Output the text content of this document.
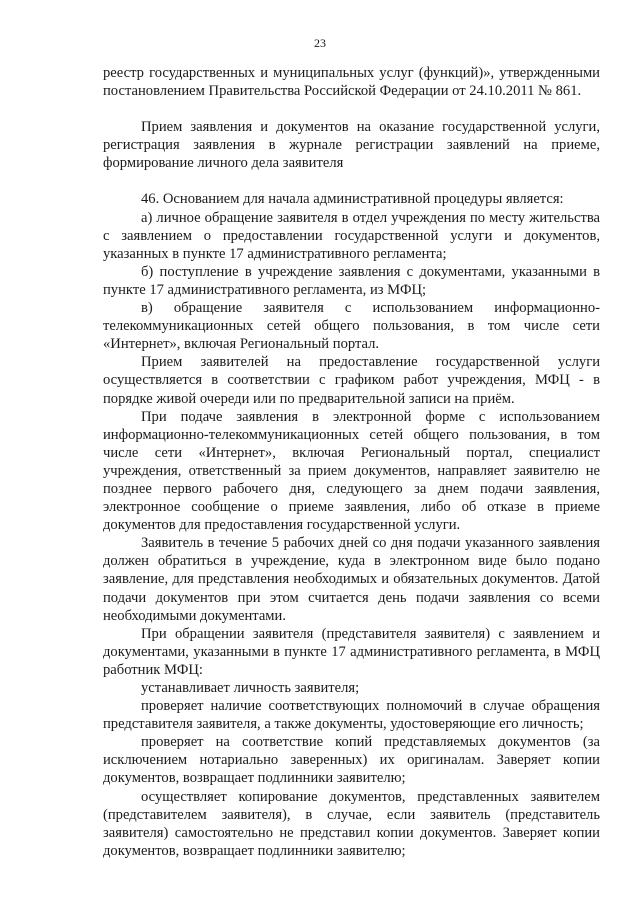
23

реестр государственных и муниципальных услуг (функций)», утвержденными постановлением Правительства Российской Федерации от 24.10.2011 № 861.

Прием заявления и документов на оказание государственной услуги, регистрация заявления в журнале регистрации заявлений на приеме, формирование личного дела заявителя

46. Основанием для начала административной процедуры является:

а) личное обращение заявителя в отдел учреждения по месту жительства с заявлением о предоставлении государственной услуги и документов, указанных в пункте 17 административного регламента;

б) поступление в учреждение заявления с документами, указанными в пункте 17 административного регламента, из МФЦ;

в) обращение заявителя с использованием информационно-телекоммуникационных сетей общего пользования, в том числе сети «Интернет», включая Региональный портал.

Прием заявителей на предоставление государственной услуги осуществляется в соответствии с графиком работ учреждения, МФЦ - в порядке живой очереди или по предварительной записи на приём.

При подаче заявления в электронной форме с использованием информационно-телекоммуникационных сетей общего пользования, в том числе сети «Интернет», включая Региональный портал, специалист учреждения, ответственный за прием документов, направляет заявителю не позднее первого рабочего дня, следующего за днем подачи заявления, электронное сообщение о приеме заявления, либо об отказе в приеме документов для предоставления государственной услуги.

Заявитель в течение 5 рабочих дней со дня подачи указанного заявления должен обратиться в учреждение, куда в электронном виде было подано заявление, для представления необходимых и обязательных документов. Датой подачи документов при этом считается день подачи заявления со всеми необходимыми документами.

При обращении заявителя (представителя заявителя) с заявлением и документами, указанными в пункте 17 административного регламента, в МФЦ работник МФЦ:

устанавливает личность заявителя;

проверяет наличие соответствующих полномочий в случае обращения представителя заявителя, а также документы, удостоверяющие его личность;

проверяет на соответствие копий представляемых документов (за исключением нотариально заверенных) их оригиналам. Заверяет копии документов, возвращает подлинники заявителю;

осуществляет копирование документов, представленных заявителем (представителем заявителя), в случае, если заявитель (представитель заявителя) самостоятельно не представил копии документов. Заверяет копии документов, возвращает подлинники заявителю;
